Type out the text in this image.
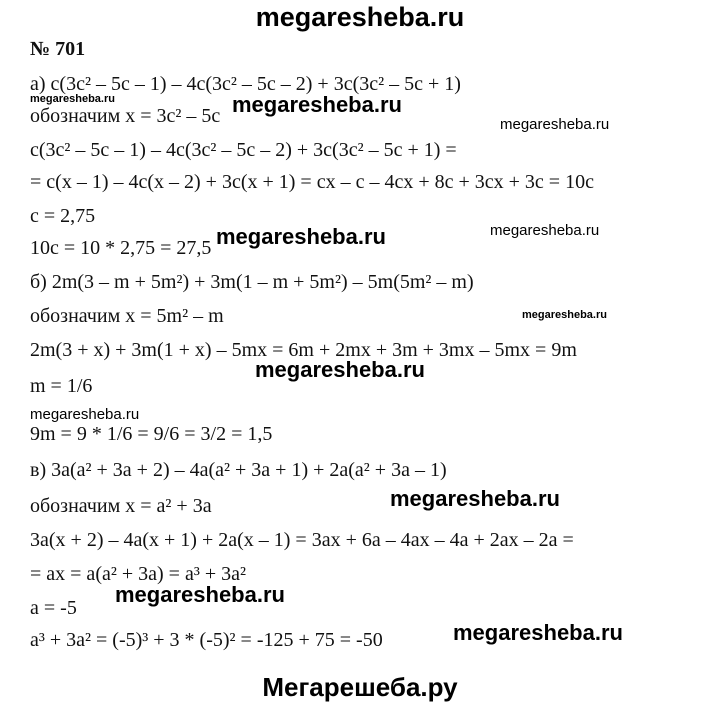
megaresheba.ru
№ 701
megaresheba.ru	megaresheba.ru
megaresheba.ru
megaresheba.ru	megaresheba.ru
megaresheba.ru
megaresheba.ru
megaresheba.ru
megaresheba.ru
megaresheba.ru
megaresheba.ru
а) с(3c² – 5c – 1) – 4c(3c² – 5c – 2) + 3c(3c² – 5c + 1)
обозначим x = 3c² – 5c
c(3c² – 5c – 1) – 4c(3c² – 5c – 2) + 3c(3c² – 5c + 1) =
= c(x – 1) – 4c(x – 2) + 3c(x + 1) = cx – c – 4cx + 8c + 3cx + 3c = 10c
c = 2,75
10c = 10 * 2,75 = 27,5
б) 2m(3 – m + 5m²) + 3m(1 – m + 5m²) – 5m(5m² – m)
обозначим x = 5m² – m
2m(3 + x) + 3m(1 + x) – 5mx = 6m + 2mx + 3m + 3mx – 5mx = 9m
m = 1/6
9m = 9 * 1/6 = 9/6 = 3/2 = 1,5
в) 3a(a² + 3a + 2) – 4a(a² + 3a + 1) + 2a(a² + 3a – 1)
обозначим x = a² + 3a
3a(x + 2) – 4a(x + 1) + 2a(x – 1) = 3ax + 6a – 4ax – 4a + 2ax – 2a =
= ax = a(a² + 3a) = a³ + 3a²
a = -5
a³ + 3a² = (-5)³ + 3 * (-5)² = -125 + 75 = -50
Мегарешеба.ру
